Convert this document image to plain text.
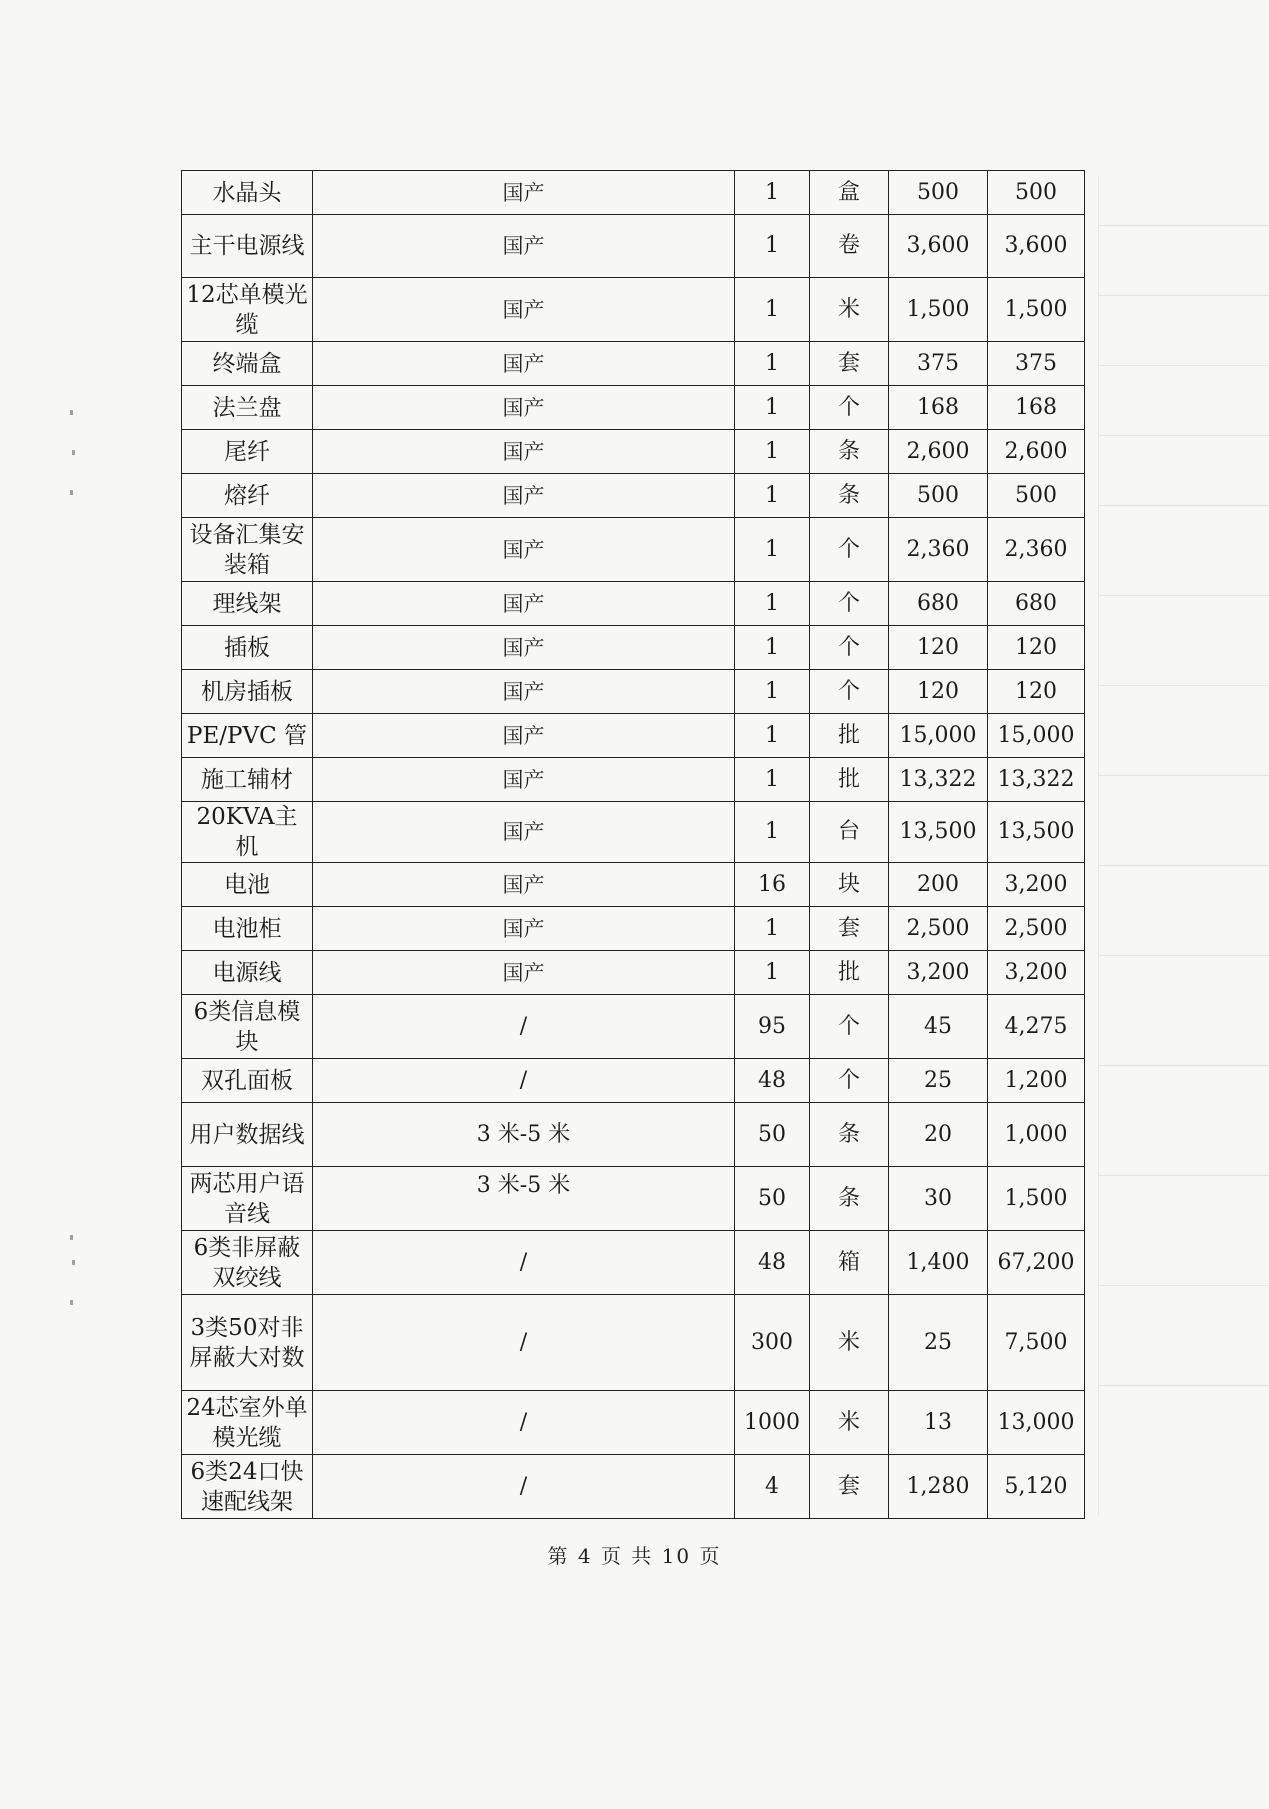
水晶头	国产	1	盒	500	500
主干电源线	国产	1	卷	3,600	3,600
12芯单模光缆	国产	1	米	1,500	1,500
终端盒	国产	1	套	375	375
法兰盘	国产	1	个	168	168
尾纤	国产	1	条	2,600	2,600
熔纤	国产	1	条	500	500
设备汇集安装箱	国产	1	个	2,360	2,360
理线架	国产	1	个	680	680
插板	国产	1	个	120	120
机房插板	国产	1	个	120	120
PE/PVC 管	国产	1	批	15,000	15,000
施工辅材	国产	1	批	13,322	13,322
20KVA主机	国产	1	台	13,500	13,500
电池	国产	16	块	200	3,200
电池柜	国产	1	套	2,500	2,500
电源线	国产	1	批	3,200	3,200
6类信息模块	/	95	个	45	4,275
双孔面板	/	48	个	25	1,200
用户数据线	3 米-5 米	50	条	20	1,000
两芯用户语音线	3 米-5 米	50	条	30	1,500
6类非屏蔽双绞线	/	48	箱	1,400	67,200
3类50对非屏蔽大对数	/	300	米	25	7,500
24芯室外单模光缆	/	1000	米	13	13,000
6类24口快速配线架	/	4	套	1,280	5,120
第 4 页 共 10 页
